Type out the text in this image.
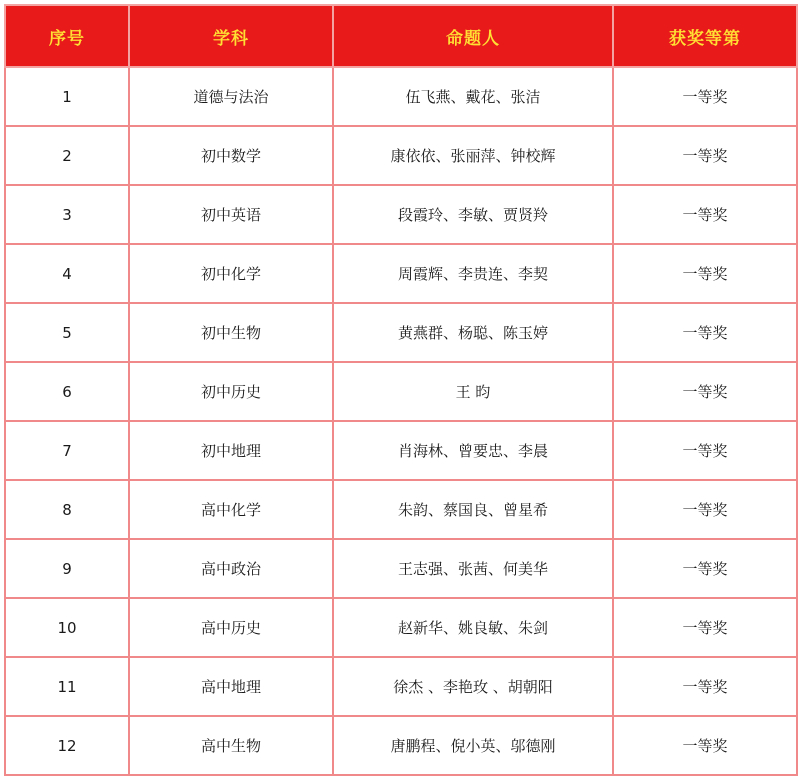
序号	学科	命题人	获奖等第
1	道德与法治	伍飞燕、戴花、张洁	一等奖
2	初中数学	康依依、张丽萍、钟校辉	一等奖
3	初中英语	段霞玲、李敏、贾贤羚	一等奖
4	初中化学	周霞辉、李贵连、李契	一等奖
5	初中生物	黄燕群、杨聪、陈玉婷	一等奖
6	初中历史	王 昀	一等奖
7	初中地理	肖海林、曾要忠、李晨	一等奖
8	高中化学	朱韵、蔡国良、曾星希	一等奖
9	高中政治	王志强、张茜、何美华	一等奖
10	高中历史	赵新华、姚良敏、朱剑	一等奖
11	高中地理	徐杰 、李艳玫 、胡朝阳	一等奖
12	高中生物	唐鹏程、倪小英、邬德刚	一等奖
